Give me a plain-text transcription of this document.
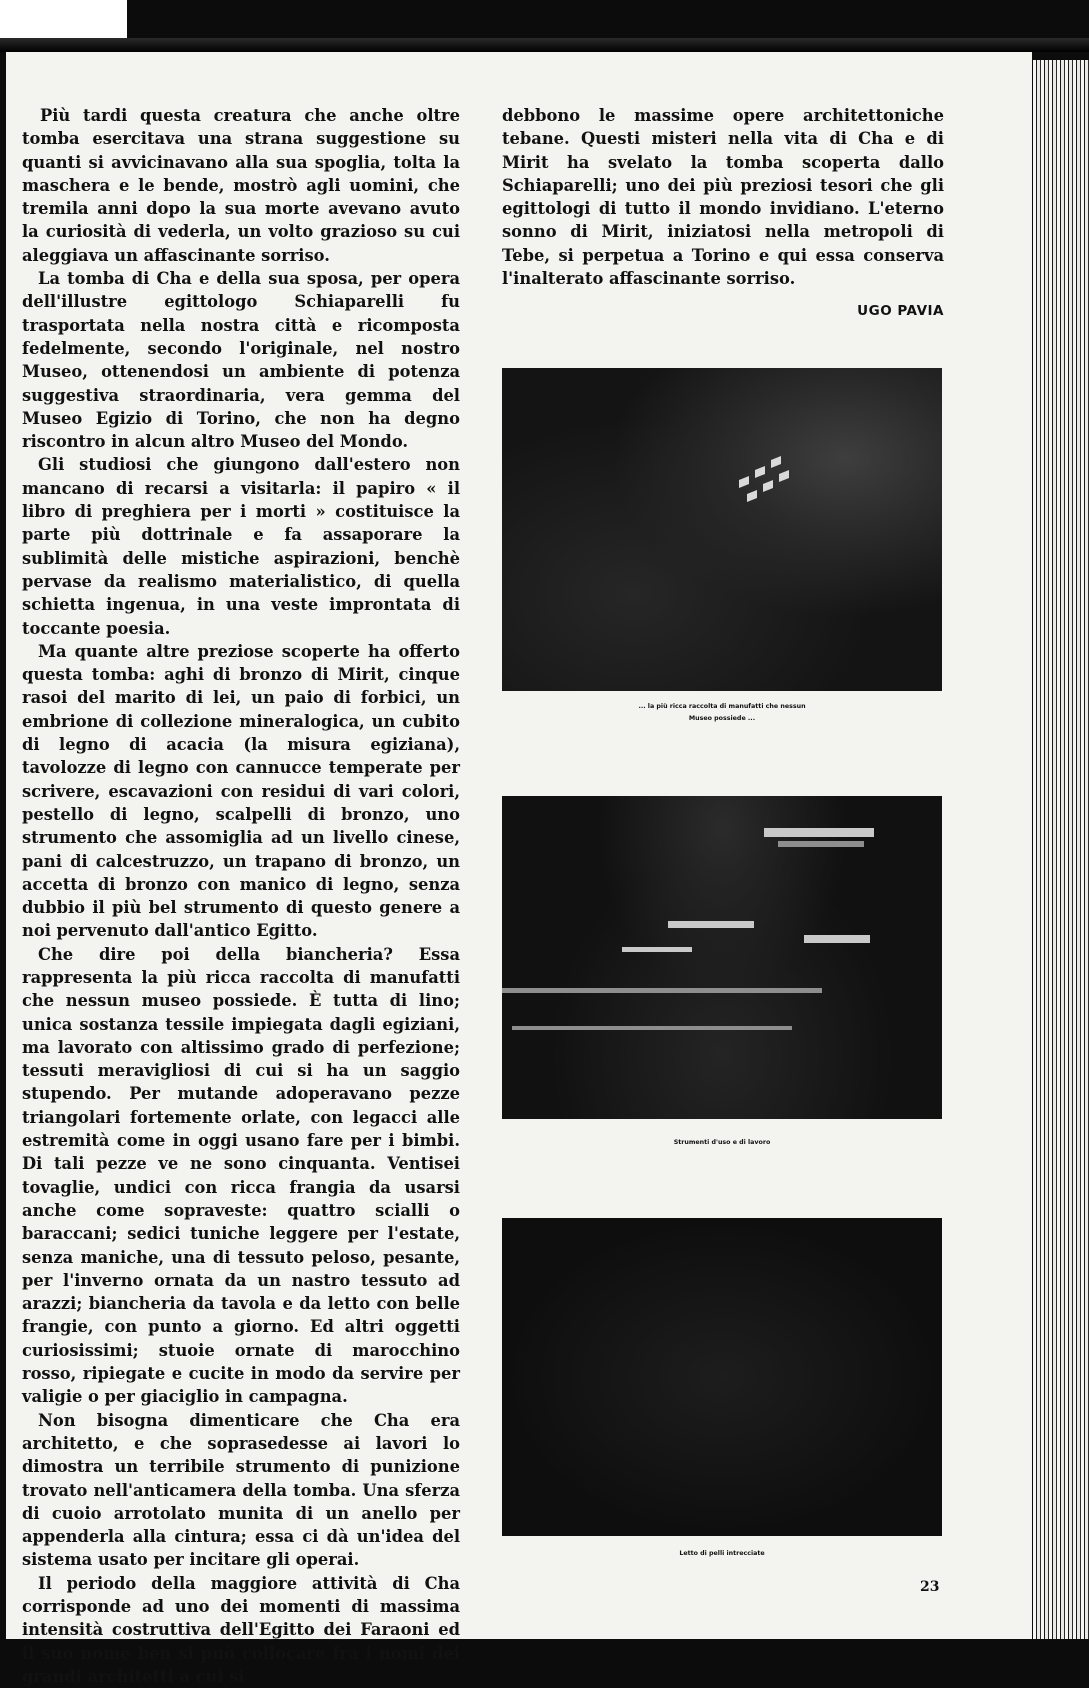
Più tardi questa creatura che anche oltre tomba esercitava una strana suggestione su quanti si avvicinavano alla sua spoglia, tolta la maschera e le bende, mostrò agli uomini, che tremila anni dopo la sua morte avevano avuto la curiosità di vederla, un volto grazioso su cui aleggiava un affascinante sorriso.

La tomba di Cha e della sua sposa, per opera dell'illustre egittologo Schiaparelli fu trasportata nella nostra città e ricomposta fedelmente, secondo l'originale, nel nostro Museo, ottenendosi un ambiente di potenza suggestiva straordinaria, vera gemma del Museo Egizio di Torino, che non ha degno riscontro in alcun altro Museo del Mondo.

Gli studiosi che giungono dall'estero non mancano di recarsi a visitarla: il papiro « il libro di preghiera per i morti » costituisce la parte più dottrinale e fa assaporare la sublimità delle mistiche aspirazioni, benchè pervase da realismo materialistico, di quella schietta ingenua, in una veste improntata di toccante poesia.

Ma quante altre preziose scoperte ha offerto questa tomba: aghi di bronzo di Mirit, cinque rasoi del marito di lei, un paio di forbici, un embrione di collezione mineralogica, un cubito di legno di acacia (la misura egiziana), tavolozze di legno con cannucce temperate per scrivere, escavazioni con residui di vari colori, pestello di legno, scalpelli di bronzo, uno strumento che assomiglia ad un livello cinese, pani di calcestruzzo, un trapano di bronzo, un accetta di bronzo con manico di legno, senza dubbio il più bel strumento di questo genere a noi pervenuto dall'antico Egitto.

Che dire poi della biancheria? Essa rappresenta la più ricca raccolta di manufatti che nessun museo possiede. È tutta di lino; unica sostanza tessile impiegata dagli egiziani, ma lavorato con altissimo grado di perfezione; tessuti meravigliosi di cui si ha un saggio stupendo. Per mutande adoperavano pezze triangolari fortemente orlate, con legacci alle estremità come in oggi usano fare per i bimbi. Di tali pezze ve ne sono cinquanta. Ventisei tovaglie, undici con ricca frangia da usarsi anche come sopraveste: quattro scialli o baraccani; sedici tuniche leggere per l'estate, senza maniche, una di tessuto peloso, pesante, per l'inverno ornata da un nastro tessuto ad arazzi; biancheria da tavola e da letto con belle frangie, con punto a giorno. Ed altri oggetti curiosissimi; stuoie ornate di marocchino rosso, ripiegate e cucite in modo da servire per valigie o per giaciglio in campagna.

Non bisogna dimenticare che Cha era architetto, e che soprasedesse ai lavori lo dimostra un terribile strumento di punizione trovato nell'anticamera della tomba. Una sferza di cuoio arrotolato munita di un anello per appenderla alla cintura; essa ci dà un'idea del sistema usato per incitare gli operai.

Il periodo della maggiore attività di Cha corrisponde ad uno dei momenti di massima intensità costruttiva dell'Egitto dei Faraoni ed il suo nome ben si può collocare fra i nomi dei grandi architetti a cui si

debbono le massime opere architettoniche tebane. Questi misteri nella vita di Cha e di Mirit ha svelato la tomba scoperta dallo Schiaparelli; uno dei più preziosi tesori che gli egittologi di tutto il mondo invidiano. L'eterno sonno di Mirit, iniziatosi nella metropoli di Tebe, si perpetua a Torino e qui essa conserva l'inalterato affascinante sorriso.

UGO PAVIA
... la più ricca raccolta di manufatti che nessun
Museo possiede ...
Strumenti d'uso e di lavoro
Letto di pelli intrecciate
23
